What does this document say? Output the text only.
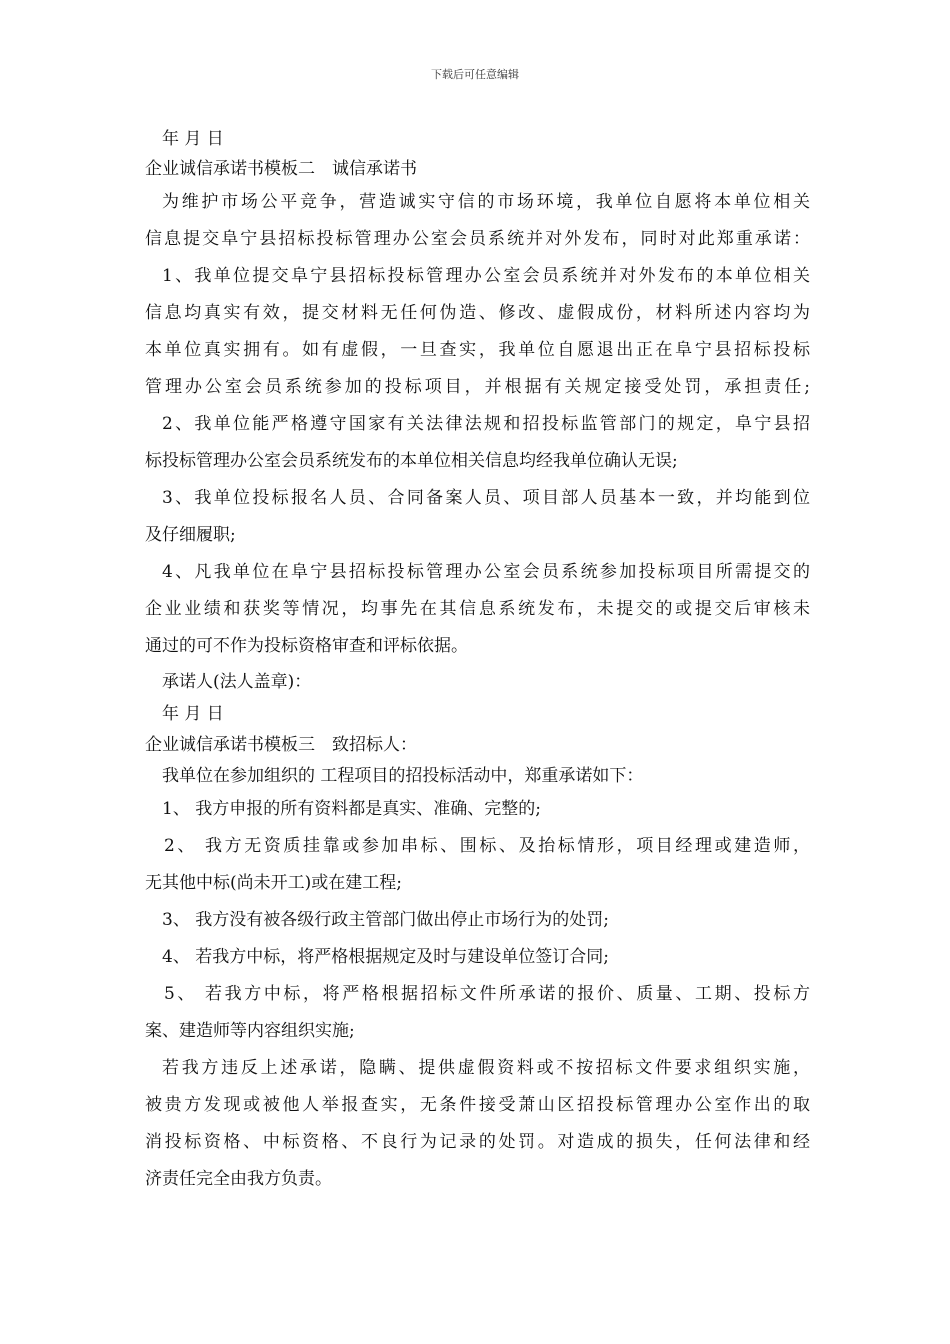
下载后可任意编辑
年 月 日
企业诚信承诺书模板二　诚信承诺书
为维护市场公平竞争，营造诚实守信的市场环境，我单位自愿将本单位相关
信息提交阜宁县招标投标管理办公室会员系统并对外发布，同时对此郑重承诺：
1、我单位提交阜宁县招标投标管理办公室会员系统并对外发布的本单位相关
信息均真实有效，提交材料无任何伪造、修改、虚假成份，材料所述内容均为
本单位真实拥有。如有虚假，一旦查实，我单位自愿退出正在阜宁县招标投标
管理办公室会员系统参加的投标项目，并根据有关规定接受处罚，承担责任;
2、我单位能严格遵守国家有关法律法规和招投标监管部门的规定，阜宁县招
标投标管理办公室会员系统发布的本单位相关信息均经我单位确认无误;
3、我单位投标报名人员、合同备案人员、项目部人员基本一致，并均能到位
及仔细履职;
4、凡我单位在阜宁县招标投标管理办公室会员系统参加投标项目所需提交的
企业业绩和获奖等情况，均事先在其信息系统发布，未提交的或提交后审核未
通过的可不作为投标资格审查和评标依据。
承诺人(法人盖章)：
年 月 日
企业诚信承诺书模板三　致招标人：
我单位在参加组织的 工程项目的招投标活动中，郑重承诺如下：
1、 我方申报的所有资料都是真实、准确、完整的;
2、 我方无资质挂靠或参加串标、围标、及抬标情形，项目经理或建造师，
无其他中标(尚未开工)或在建工程;
3、 我方没有被各级行政主管部门做出停止市场行为的处罚;
4、 若我方中标，将严格根据规定及时与建设单位签订合同;
5、 若我方中标，将严格根据招标文件所承诺的报价、质量、工期、投标方
案、建造师等内容组织实施;
若我方违反上述承诺，隐瞒、提供虚假资料或不按招标文件要求组织实施，
被贵方发现或被他人举报查实，无条件接受萧山区招投标管理办公室作出的取
消投标资格、中标资格、不良行为记录的处罚。对造成的损失，任何法律和经
济责任完全由我方负责。
